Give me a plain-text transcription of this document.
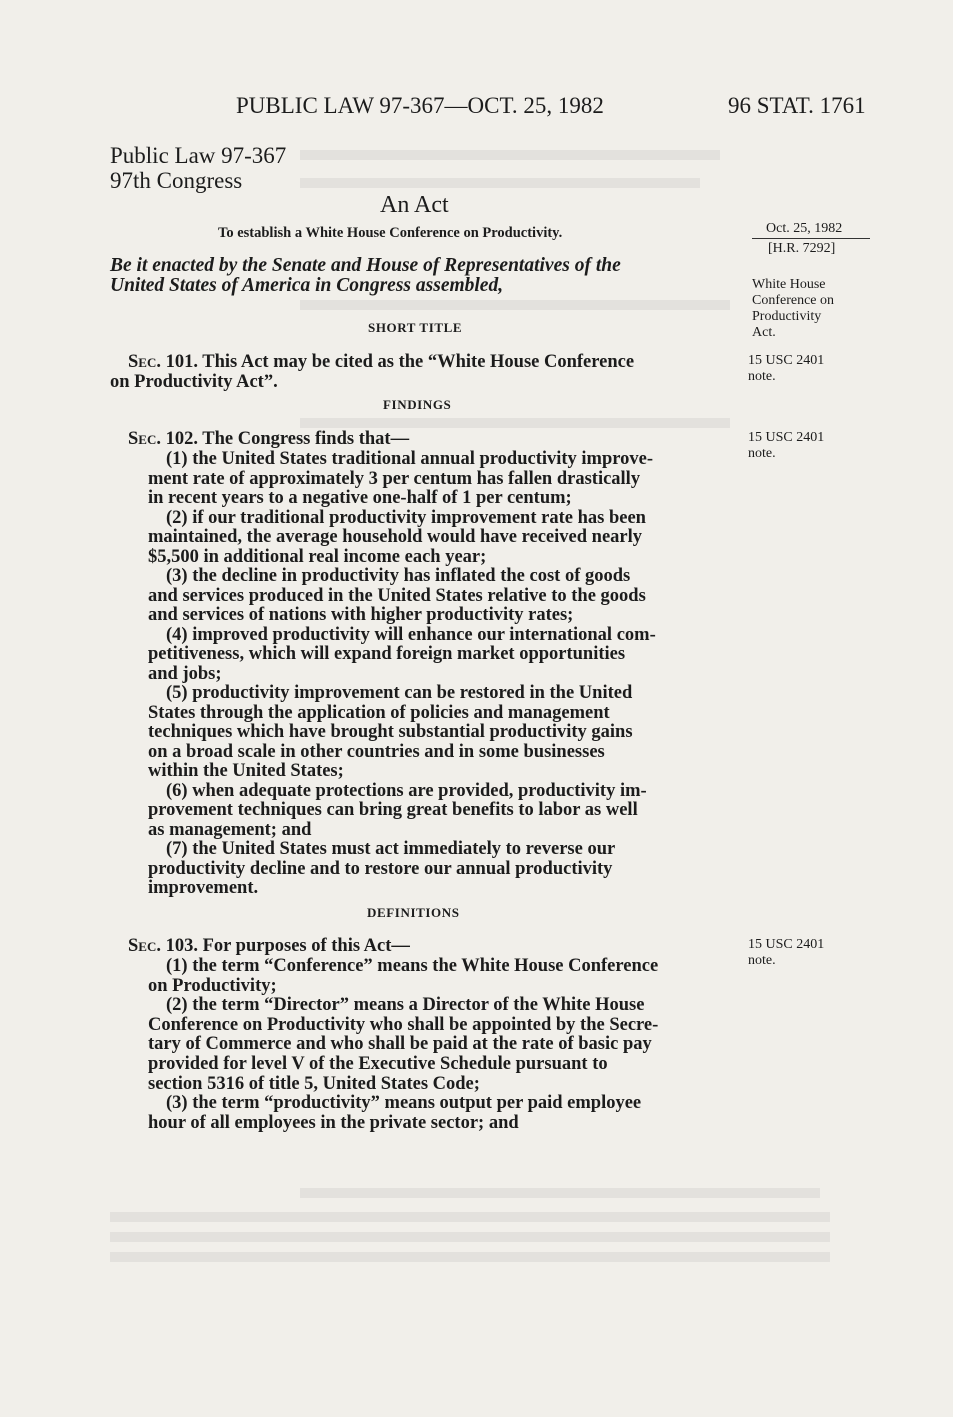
PUBLIC LAW 97-367—OCT. 25, 1982	96 STAT. 1761
Public Law 97-367
97th Congress
An Act
To establish a White House Conference on Productivity.
Be it enacted by the Senate and House of Representatives of the
United States of America in Congress assembled,
SHORT TITLE
Sec. 101. This Act may be cited as the “White House Conference
on Productivity Act”.
FINDINGS
Sec. 102. The Congress finds that—
(1) the United States traditional annual productivity improve-
ment rate of approximately 3 per centum has fallen drastically
in recent years to a negative one-half of 1 per centum;
(2) if our traditional productivity improvement rate has been
maintained, the average household would have received nearly
$5,500 in additional real income each year;
(3) the decline in productivity has inflated the cost of goods
and services produced in the United States relative to the goods
and services of nations with higher productivity rates;
(4) improved productivity will enhance our international com-
petitiveness, which will expand foreign market opportunities
and jobs;
(5) productivity improvement can be restored in the United
States through the application of policies and management
techniques which have brought substantial productivity gains
on a broad scale in other countries and in some businesses
within the United States;
(6) when adequate protections are provided, productivity im-
provement techniques can bring great benefits to labor as well
as management; and
(7) the United States must act immediately to reverse our
productivity decline and to restore our annual productivity
improvement.
DEFINITIONS
Sec. 103. For purposes of this Act—
(1) the term “Conference” means the White House Conference
on Productivity;
(2) the term “Director” means a Director of the White House
Conference on Productivity who shall be appointed by the Secre-
tary of Commerce and who shall be paid at the rate of basic pay
provided for level V of the Executive Schedule pursuant to
section 5316 of title 5, United States Code;
(3) the term “productivity” means output per paid employee
hour of all employees in the private sector; and
Oct. 25, 1982
[H.R. 7292]
White House
Conference on
Productivity
Act.
15 USC 2401
note.
15 USC 2401
note.
15 USC 2401
note.
